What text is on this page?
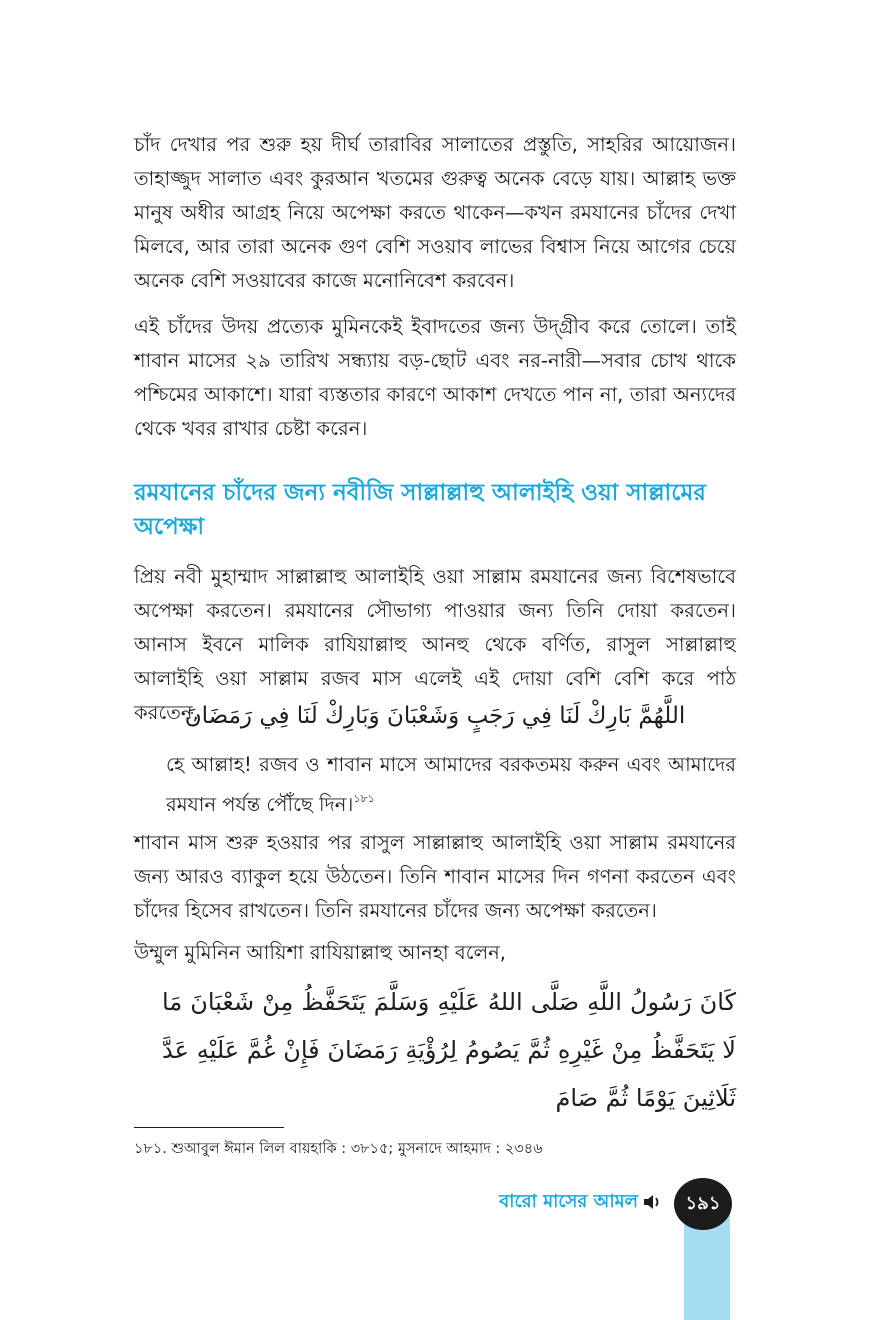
চাঁদ দেখার পর শুরু হয় দীর্ঘ তারাবির সালাতের প্রস্তুতি, সাহরির আয়োজন। তাহাজ্জুদ সালাত এবং কুরআন খতমের গুরুত্ব অনেক বেড়ে যায়। আল্লাহ ভক্ত মানুষ অধীর আগ্রহ নিয়ে অপেক্ষা করতে থাকেন—কখন রমযানের চাঁদের দেখা মিলবে, আর তারা অনেক গুণ বেশি সওয়াব লাভের বিশ্বাস নিয়ে আগের চেয়ে অনেক বেশি সওয়াবের কাজে মনোনিবেশ করবেন।

এই চাঁদের উদয় প্রত্যেক মুমিনকেই ইবাদতের জন্য উদ্‌গ্রীব করে তোলে। তাই শাবান মাসের ২৯ তারিখ সন্ধ্যায় বড়-ছোট এবং নর-নারী—সবার চোখ থাকে পশ্চিমের আকাশে। যারা ব্যস্ততার কারণে আকাশ দেখতে পান না, তারা অন্যদের থেকে খবর রাখার চেষ্টা করেন।

রমযানের চাঁদের জন্য নবীজি সাল্লাল্লাহু আলাইহি ওয়া সাল্লামের অপেক্ষা

প্রিয় নবী মুহাম্মাদ সাল্লাল্লাহু আলাইহি ওয়া সাল্লাম রমযানের জন্য বিশেষভাবে অপেক্ষা করতেন। রমযানের সৌভাগ্য পাওয়ার জন্য তিনি দোয়া করতেন। আনাস ইবনে মালিক রাযিয়াল্লাহু আনহু থেকে বর্ণিত, রাসুল সাল্লাল্লাহু আলাইহি ওয়া সাল্লাম রজব মাস এলেই এই দোয়া বেশি বেশি করে পাঠ করতেন,

اللَّهُمَّ بَارِكْ لَنَا فِي رَجَبٍ وَشَعْبَانَ وَبَارِكْ لَنَا فِي رَمَضَانَ

হে আল্লাহ! রজব ও শাবান মাসে আমাদের বরকতময় করুন এবং আমাদের রমযান পর্যন্ত পৌঁছে দিন।$^{১৮১}$

শাবান মাস শুরু হওয়ার পর রাসুল সাল্লাল্লাহু আলাইহি ওয়া সাল্লাম রমযানের জন্য আরও ব্যাকুল হয়ে উঠতেন। তিনি শাবান মাসের দিন গণনা করতেন এবং চাঁদের হিসেব রাখতেন। তিনি রমযানের চাঁদের জন্য অপেক্ষা করতেন।

উম্মুল মুমিনিন আয়িশা রাযিয়াল্লাহু আনহা বলেন,

كَانَ رَسُولُ اللَّهِ صَلَّى اللهُ عَلَيْهِ وَسَلَّمَ يَتَحَفَّظُ مِنْ شَعْبَانَ مَا لَا يَتَحَفَّظُ مِنْ غَيْرِهِ ثُمَّ يَصُومُ لِرُؤْيَةِ رَمَضَانَ فَإِنْ غُمَّ عَلَيْهِ عَدَّ ثَلَاثِينَ يَوْمًا ثُمَّ صَامَ

১৮১. শুআবুল ঈমান লিল বায়হাকি : ৩৮১৫; মুসনাদে আহমাদ : ২৩৪৬

বারো মাসের আমল	১৯১
